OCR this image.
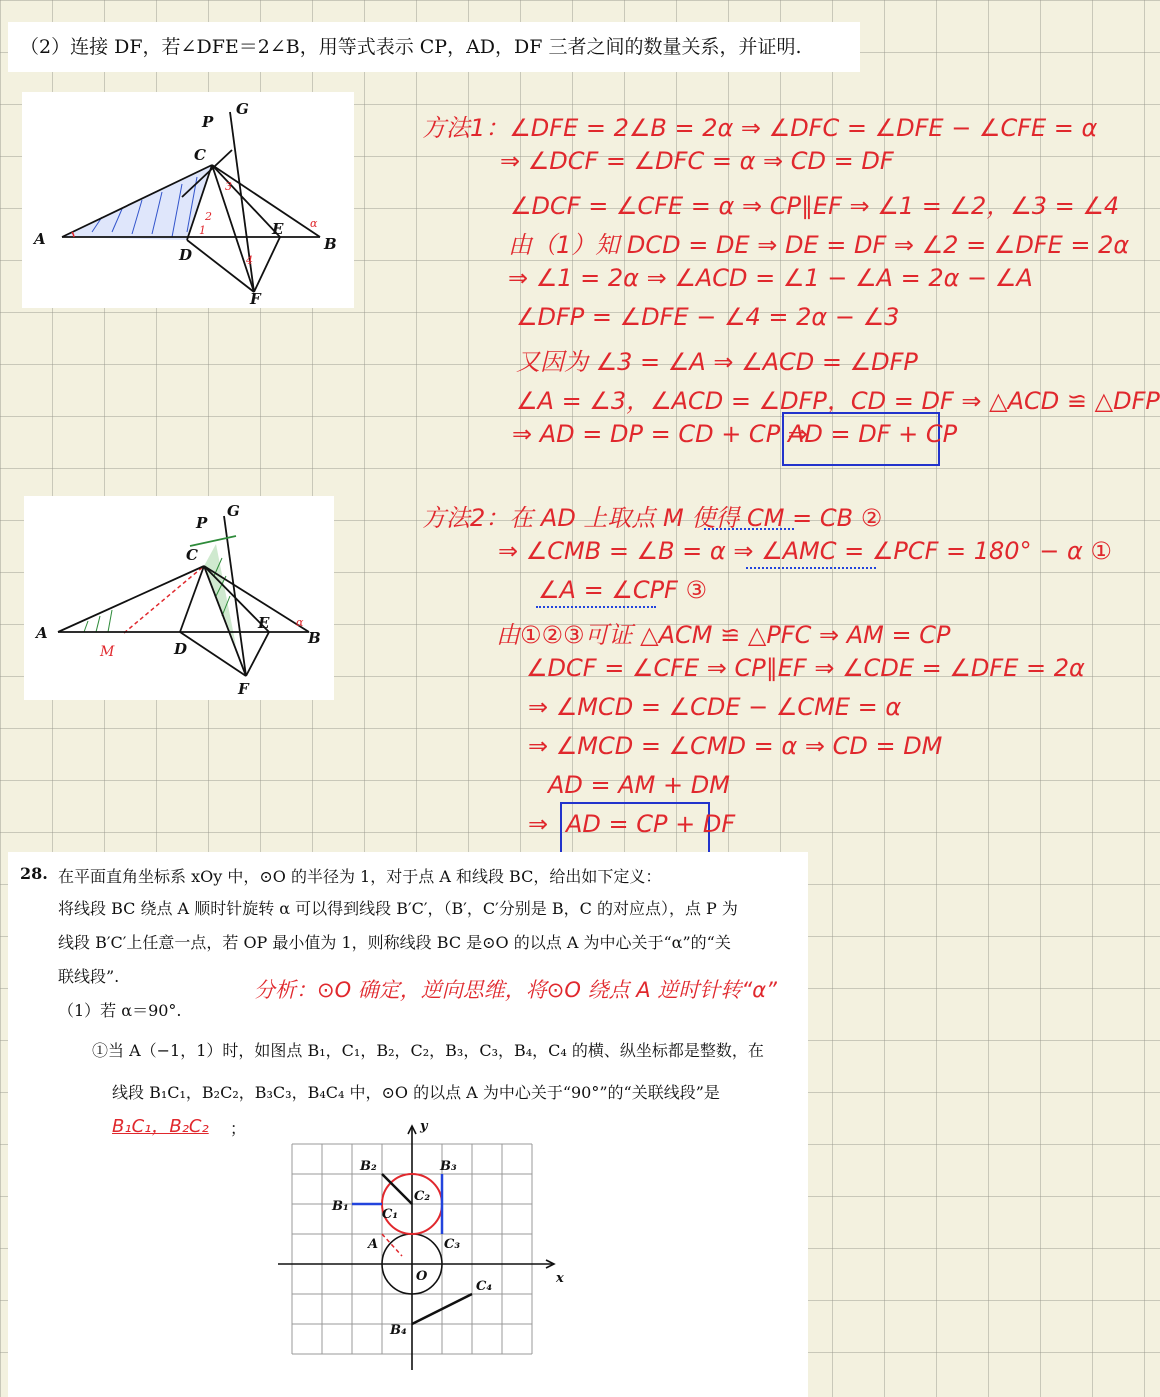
（2）连接 DF，若∠DFE＝2∠B，用等式表示 CP，AD，DF 三者之间的数量关系，并证明.
P
G
C
A
D
E
B
F
α
1
2
3
4
P
G
C
A
D
E
B
F
M
α
方法1：∠DFE = 2∠B = 2α ⇒ ∠DFC = ∠DFE − ∠CFE = α
⇒ ∠DCF = ∠DFC = α ⇒ CD = DF
∠DCF = ∠CFE = α ⇒ CP∥EF ⇒ ∠1 = ∠2，∠3 = ∠4
由（1）知 DCD = DE ⇒ DE = DF ⇒ ∠2 = ∠DFE = 2α
⇒ ∠1 = 2α ⇒ ∠ACD = ∠1 − ∠A = 2α − ∠A
∠DFP = ∠DFE − ∠4 = 2α − ∠3
又因为 ∠3 = ∠A ⇒ ∠ACD = ∠DFP
∠A = ∠3，∠ACD = ∠DFP，CD = DF ⇒ △ACD ≌ △DFP
⇒ AD = DP = CD + CP ⇒
AD = DF + CP
方法2：在 AD 上取点 M 使得 CM = CB ②
⇒ ∠CMB = ∠B = α ⇒ ∠AMC = ∠PCF = 180° − α ①
∠A = ∠CPF ③
由①②③可证 △ACM ≌ △PFC ⇒ AM = CP
∠DCF = ∠CFE ⇒ CP∥EF ⇒ ∠CDE = ∠DFE = 2α
⇒ ∠MCD = ∠CDE − ∠CME = α
⇒ ∠MCD = ∠CMD = α ⇒ CD = DM
AD = AM + DM
⇒ AD = CP + DF
28. 在平面直角坐标系 xOy 中，⊙O 的半径为 1，对于点 A 和线段 BC，给出如下定义：
将线段 BC 绕点 A 顺时针旋转 α 可以得到线段 B′C′，（B′，C′分别是 B，C 的对应点），点 P 为
线段 B′C′上任意一点，若 OP 最小值为 1，则称线段 BC 是⊙O 的以点 A 为中心关于“α”的“关
联线段”.
（1）若 α＝90°.
分析：⊙O 确定，逆向思维，将⊙O 绕点 A 逆时针转“α”
①当 A（−1，1）时，如图点 B₁，C₁，B₂，C₂，B₃，C₃，B₄，C₄ 的横、纵坐标都是整数，在
线段 B₁C₁，B₂C₂，B₃C₃，B₄C₄ 中，⊙O 的以点 A 为中心关于“90°”的“关联线段”是
B₁C₁，B₂C₂ ；	y
x
O
A
B₁
C₁
B₂
C₂
B₃
C₃
B₄
C₄
